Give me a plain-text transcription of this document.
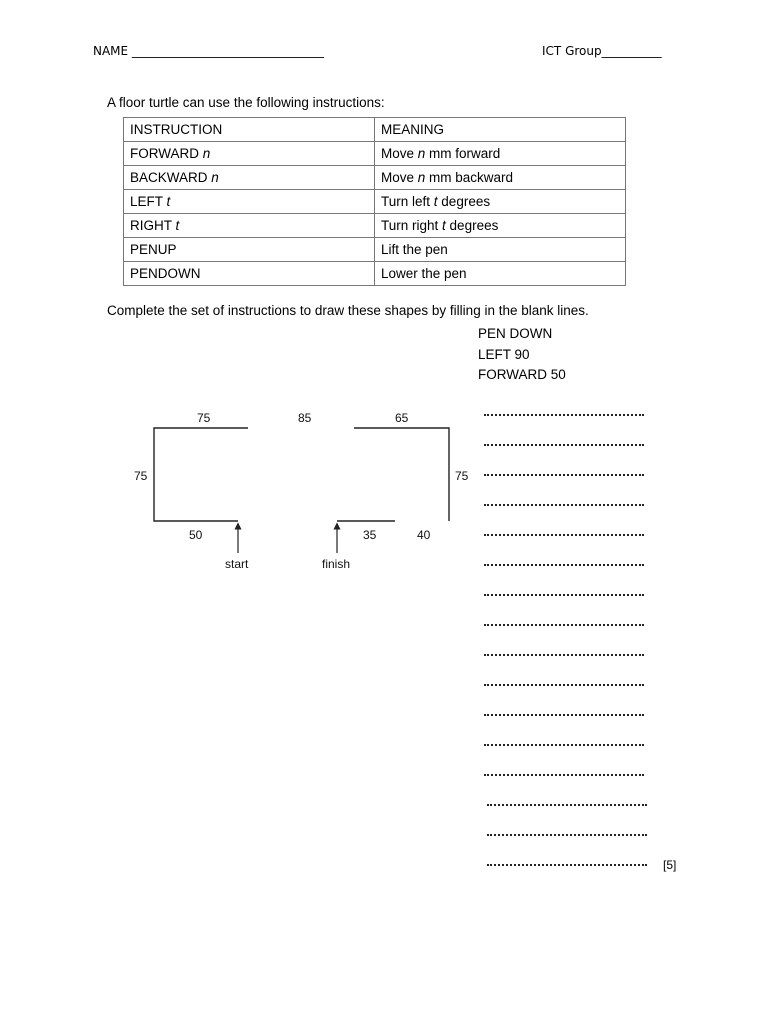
NAME ________________________________	ICT Group__________
A floor turtle can use the following instructions:
INSTRUCTION	MEANING
FORWARD n	Move n mm forward
BACKWARD n	Move n mm backward
LEFT t	Turn left t degrees
RIGHT t	Turn right t degrees
PENUP	Lift the pen
PENDOWN	Lower the pen
Complete the set of instructions to draw these shapes by filling in the blank lines.
PEN DOWN
LEFT 90
FORWARD 50
75	85	65
75	75
50	35	40
start	finish
[5]
